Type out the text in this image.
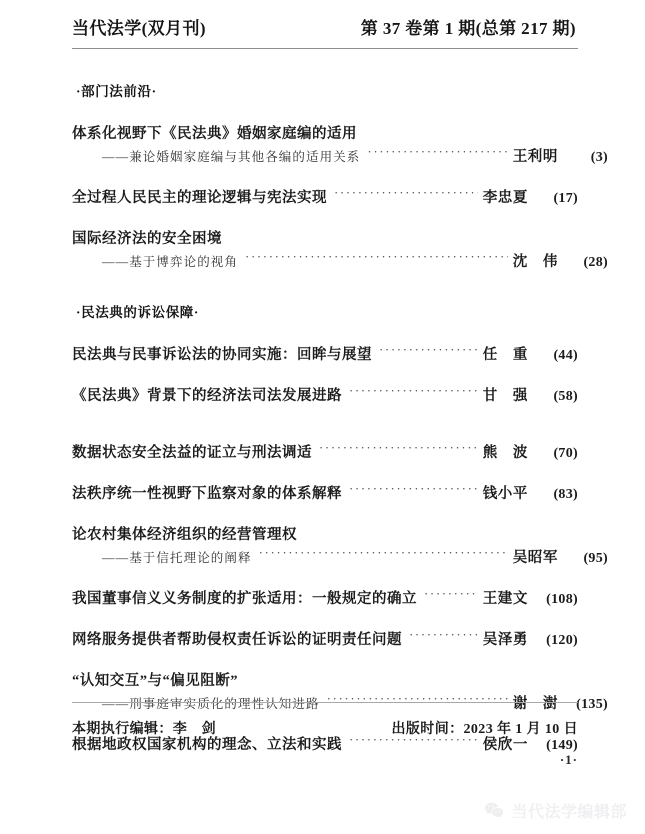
当代法学(双月刊)	第 37 卷第 1 期(总第 217 期)
·部门法前沿·
体系化视野下《民法典》婚姻家庭编的适用
——兼论婚姻家庭编与其他各编的适用关系 ·····	王利明	(3)
全过程人民民主的理论逻辑与宪法实现 ·····	李忠夏	(17)
国际经济法的安全困境
——基于博弈论的视角 ·····	沈　伟	(28)
·民法典的诉讼保障·
民法典与民事诉讼法的协同实施：回眸与展望 ·····	任　重	(44)
《民法典》背景下的经济法司法发展进路 ·····	甘　强	(58)
数据状态安全法益的证立与刑法调适 ·····	熊　波	(70)
法秩序统一性视野下监察对象的体系解释 ·····	钱小平	(83)
论农村集体经济组织的经营管理权
——基于信托理论的阐释 ·····	吴昭军	(95)
我国董事信义义务制度的扩张适用：一般规定的确立 ·····	王建文	(108)
网络服务提供者帮助侵权责任诉讼的证明责任问题 ·····	吴泽勇	(120)
“认知交互”与“偏见阻断”
——刑事庭审实质化的理性认知进路 ·····	谢　澍	(135)
根据地政权国家机构的理念、立法和实践 ·····	侯欣一	(149)
本期执行编辑：李　剑	出版时间：2023 年 1 月 10 日
·1·
当代法学编辑部
